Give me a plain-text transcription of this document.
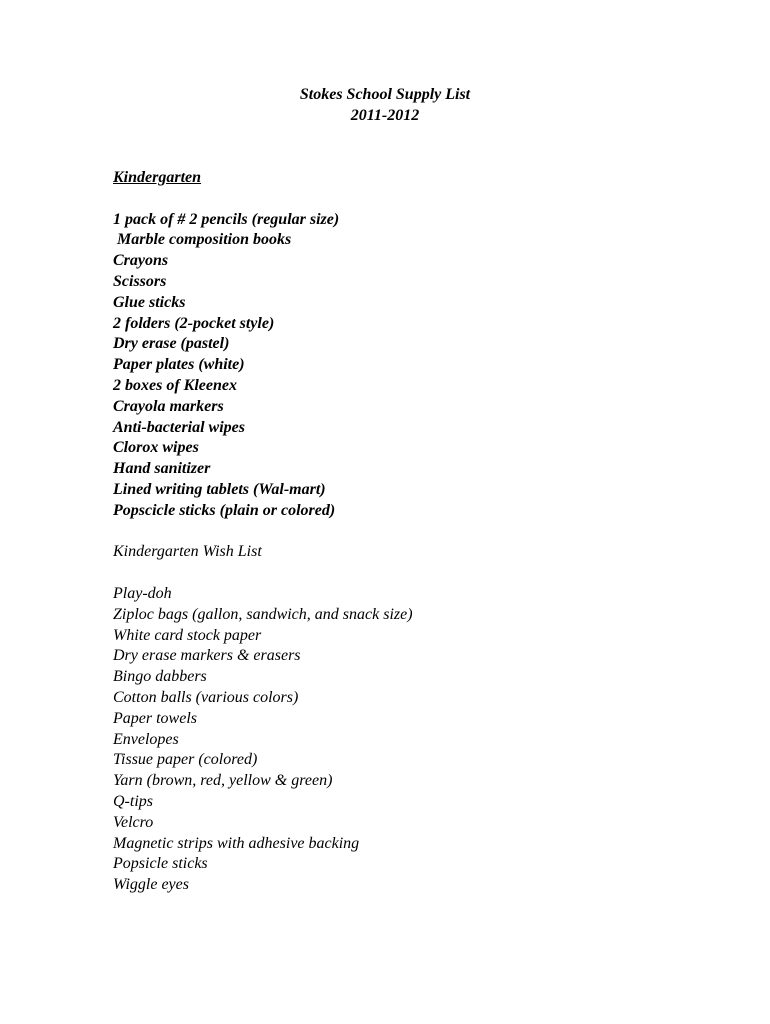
Stokes School Supply List
2011-2012
Kindergarten
1 pack of # 2 pencils (regular size)
Marble composition books
Crayons
Scissors
Glue sticks
2 folders (2-pocket style)
Dry erase (pastel)
Paper plates (white)
2 boxes of Kleenex
Crayola markers
Anti-bacterial wipes
Clorox wipes
Hand sanitizer
Lined writing tablets (Wal-mart)
Popscicle sticks (plain or colored)
Kindergarten Wish List
Play-doh
Ziploc bags (gallon, sandwich, and snack size)
White card stock paper
Dry erase markers & erasers
Bingo dabbers
Cotton balls (various colors)
Paper towels
Envelopes
Tissue paper (colored)
Yarn (brown, red, yellow & green)
Q-tips
Velcro
Magnetic strips with adhesive backing
Popsicle sticks
Wiggle eyes
